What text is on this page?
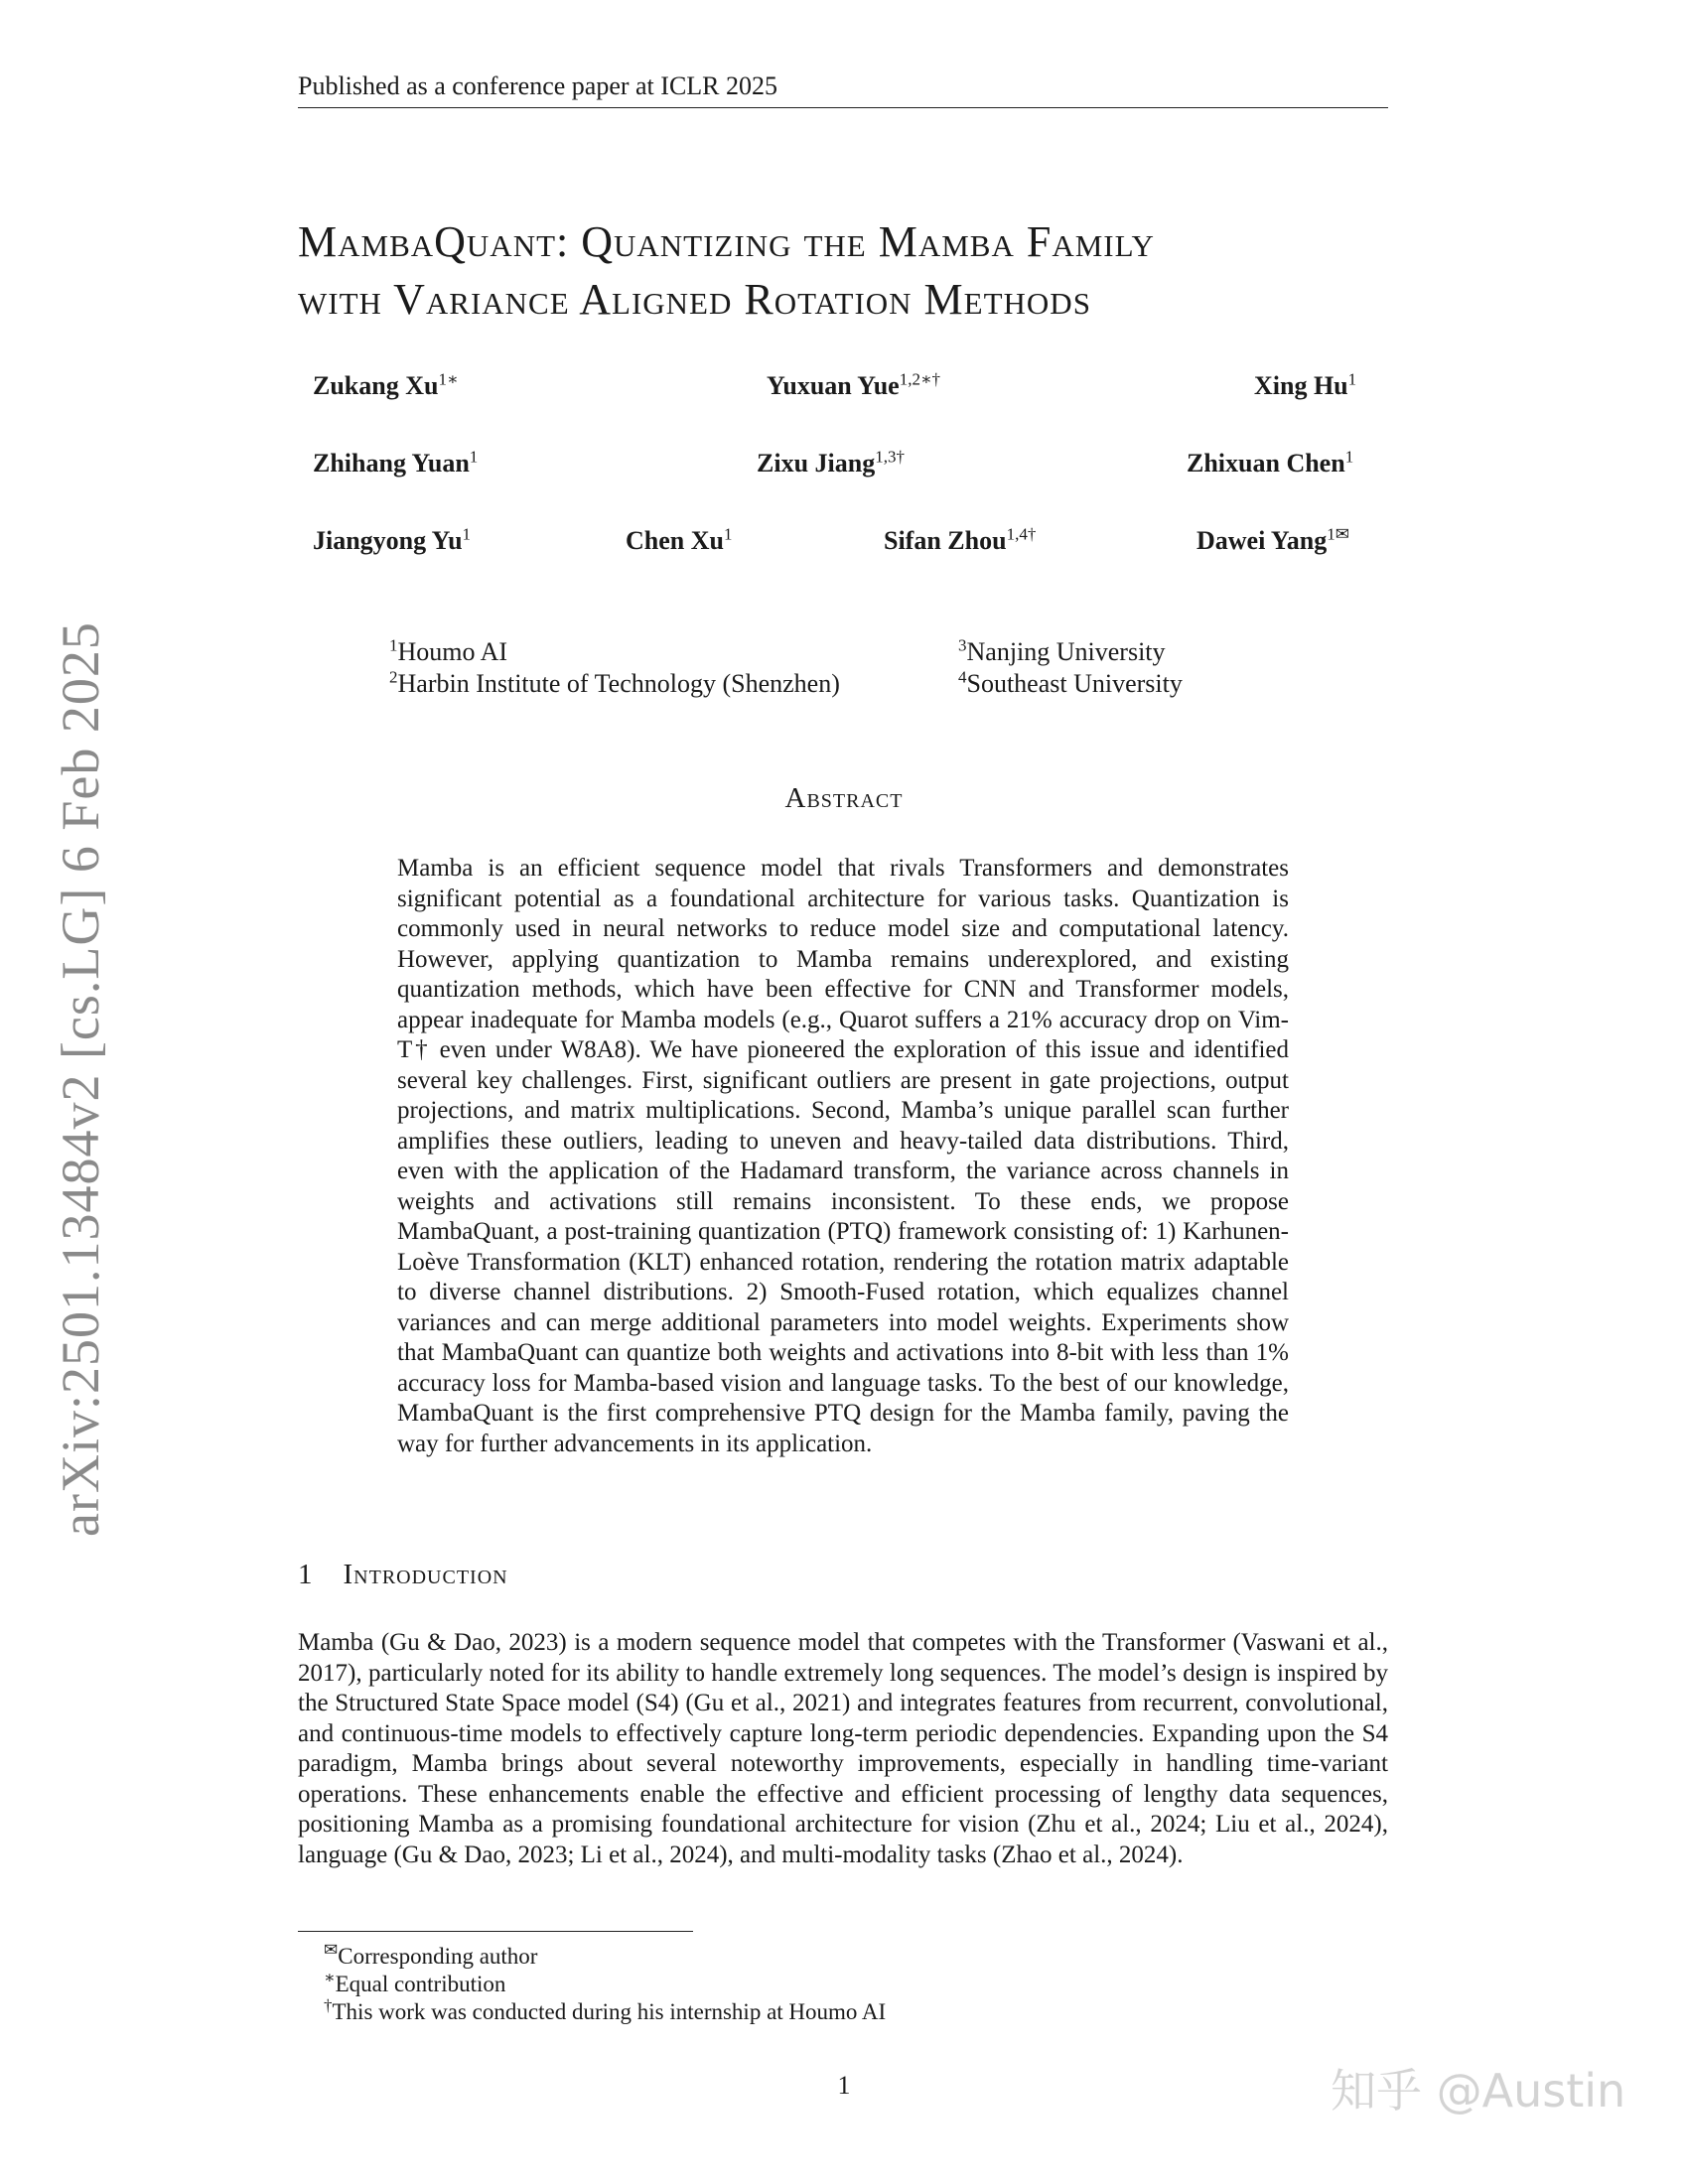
Published as a conference paper at ICLR 2025
MambaQuant: Quantizing the Mamba Family
with Variance Aligned Rotation Methods
Zukang $Xu^{1∗}$	Yuxuan Yue$^{1,2∗\dagger}$	Xing Hu$^1$
Zhihang Yuan$^1$	Zixu Jiang$^{1,3\dagger}$	Zhixuan Chen$^1$
Jiangyong Yu$^1$	Chen Xu$^1$	Sifan Zhou$^{1,4\dagger}$	Dawei Yang$^{1✉}$
$^1$Houmo AI
$^2$Harbin Institute of Technology (Shenzhen)
$^3$Nanjing University
$^4$Southeast University
Abstract
Mamba is an efficient sequence model that rivals Transformers and demonstrates significant potential as a foundational architecture for various tasks. Quantization is commonly used in neural networks to reduce model size and computational latency. However, applying quantization to Mamba remains underexplored, and existing quantization methods, which have been effective for CNN and Transformer models, appear inadequate for Mamba models (e.g., Quarot suffers a 21% accuracy drop on Vim-T† even under W8A8). We have pioneered the exploration of this issue and identified several key challenges. First, significant outliers are present in gate projections, output projections, and matrix multiplications. Second, Mamba’s unique parallel scan further amplifies these outliers, leading to uneven and heavy-tailed data distributions. Third, even with the application of the Hadamard transform, the variance across channels in weights and activations still remains inconsistent. To these ends, we propose MambaQuant, a post-training quantization (PTQ) framework consisting of: 1) Karhunen-Loève Transformation (KLT) enhanced rotation, rendering the rotation matrix adaptable to diverse channel distributions. 2) Smooth-Fused rotation, which equalizes channel variances and can merge additional parameters into model weights. Experiments show that MambaQuant can quantize both weights and activations into 8-bit with less than 1% accuracy loss for Mamba-based vision and language tasks. To the best of our knowledge, MambaQuant is the first comprehensive PTQ design for the Mamba family, paving the way for further advancements in its application.
1 Introduction
Mamba (Gu & Dao, 2023) is a modern sequence model that competes with the Transformer (Vaswani et al., 2017), particularly noted for its ability to handle extremely long sequences. The model’s design is inspired by the Structured State Space model (S4) (Gu et al., 2021) and integrates features from recurrent, convolutional, and continuous-time models to effectively capture long-term periodic dependencies. Expanding upon the S4 paradigm, Mamba brings about several noteworthy improvements, especially in handling time-variant operations. These enhancements enable the effective and efficient processing of lengthy data sequences, positioning Mamba as a promising foundational architecture for vision (Zhu et al., 2024; Liu et al., 2024), language (Gu & Dao, 2023; Li et al., 2024), and multi-modality tasks (Zhao et al., 2024).
✉Corresponding author
∗Equal contribution
†This work was conducted during his internship at Houmo AI
1
arXiv:2501.13484v2 [cs.LG] 6 Feb 2025
知乎 @Austin
